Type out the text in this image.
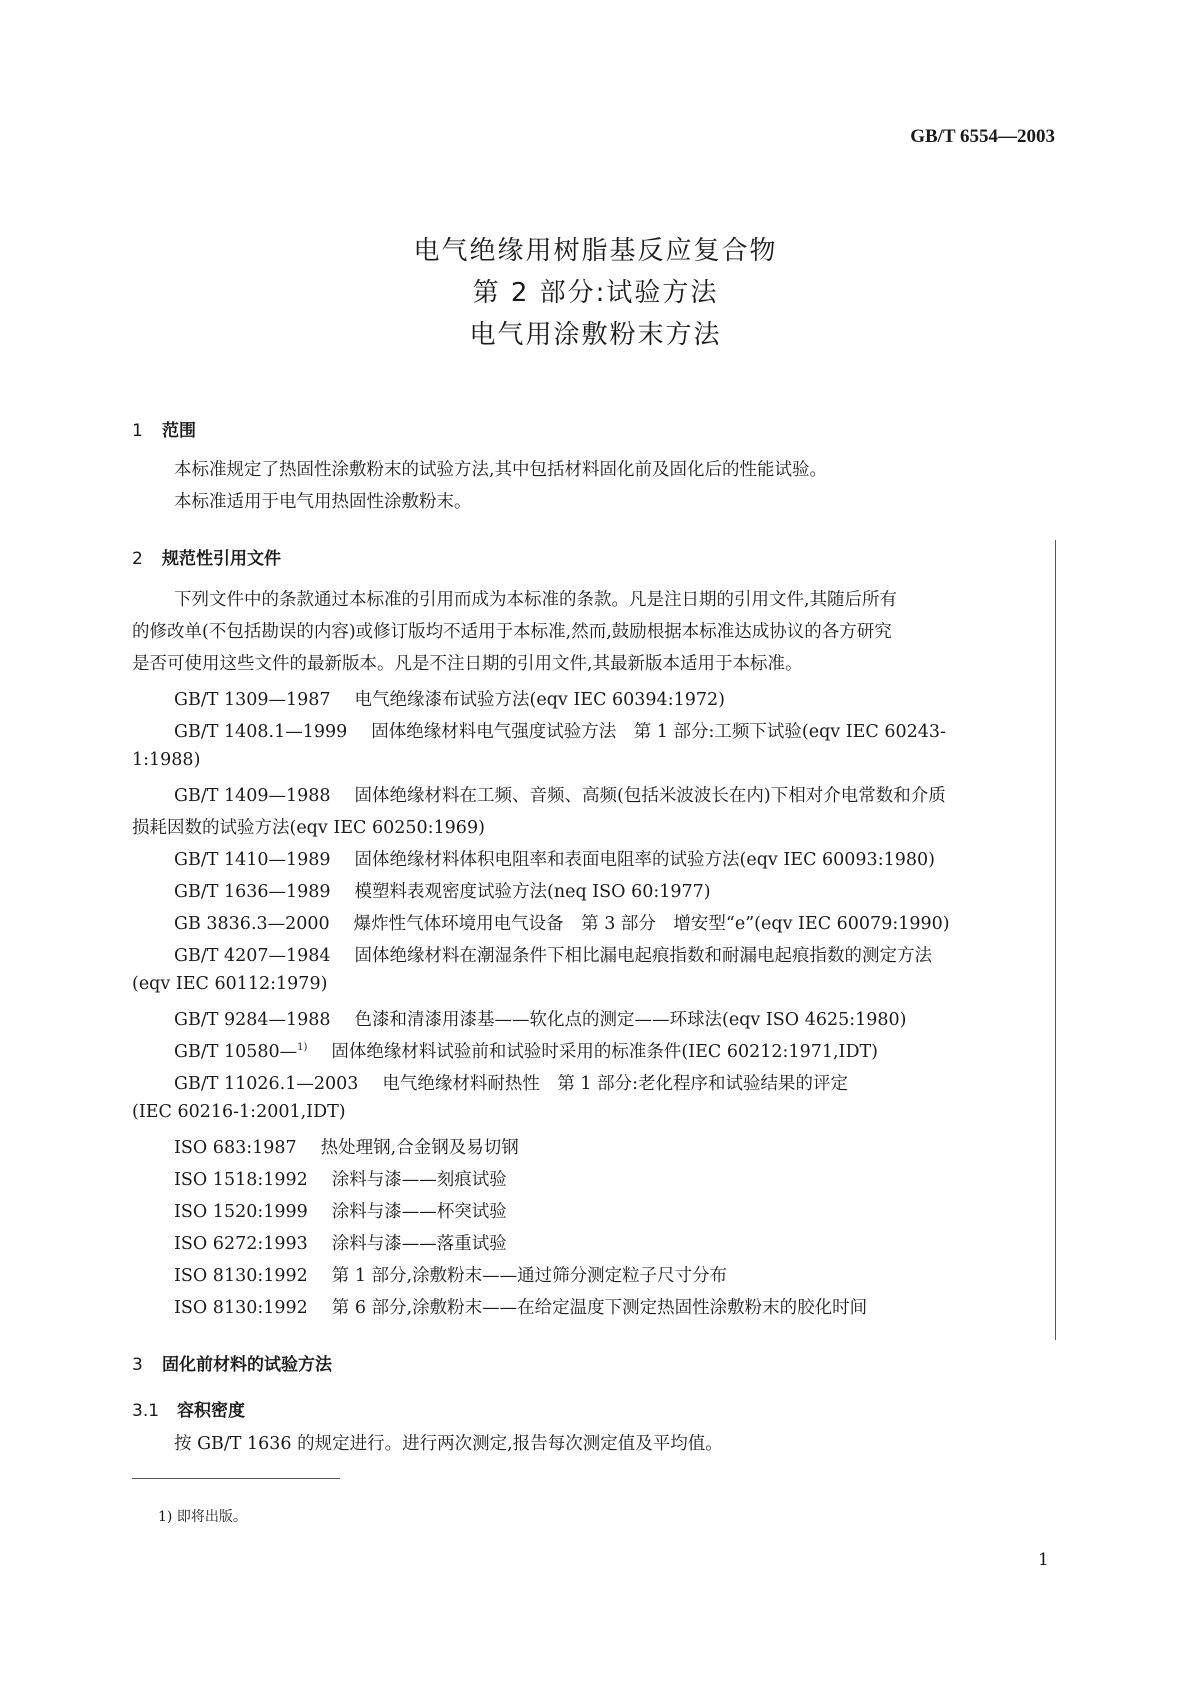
GB/T 6554—2003
电气绝缘用树脂基反应复合物
第 2 部分:试验方法
电气用涂敷粉末方法
1 范围
本标准规定了热固性涂敷粉末的试验方法,其中包括材料固化前及固化后的性能试验。
本标准适用于电气用热固性涂敷粉末。
2 规范性引用文件
下列文件中的条款通过本标准的引用而成为本标准的条款。凡是注日期的引用文件,其随后所有
的修改单(不包括勘误的内容)或修订版均不适用于本标准,然而,鼓励根据本标准达成协议的各方研究
是否可使用这些文件的最新版本。凡是不注日期的引用文件,其最新版本适用于本标准。
GB/T 1309—1987 电气绝缘漆布试验方法(eqv IEC 60394:1972)
GB/T 1408.1—1999 固体绝缘材料电气强度试验方法　第 1 部分:工频下试验(eqv IEC 60243-
1:1988)
GB/T 1409—1988 固体绝缘材料在工频、音频、高频(包括米波波长在内)下相对介电常数和介质
损耗因数的试验方法(eqv IEC 60250:1969)
GB/T 1410—1989 固体绝缘材料体积电阻率和表面电阻率的试验方法(eqv IEC 60093:1980)
GB/T 1636—1989 模塑料表观密度试验方法(neq ISO 60:1977)
GB 3836.3—2000 爆炸性气体环境用电气设备　第 3 部分　增安型“e”(eqv IEC 60079:1990)
GB/T 4207—1984 固体绝缘材料在潮湿条件下相比漏电起痕指数和耐漏电起痕指数的测定方法
(eqv IEC 60112:1979)
GB/T 9284—1988 色漆和清漆用漆基——软化点的测定——环球法(eqv ISO 4625:1980)
GB/T 10580—$^{1)}$ 固体绝缘材料试验前和试验时采用的标准条件(IEC 60212:1971,IDT)
GB/T 11026.1—2003 电气绝缘材料耐热性　第 1 部分:老化程序和试验结果的评定
(IEC 60216-1:2001,IDT)
ISO 683:1987 热处理钢,合金钢及易切钢
ISO 1518:1992 涂料与漆——刻痕试验
ISO 1520:1999 涂料与漆——杯突试验
ISO 6272:1993 涂料与漆——落重试验
ISO 8130:1992 第 1 部分,涂敷粉末——通过筛分测定粒子尺寸分布
ISO 8130:1992 第 6 部分,涂敷粉末——在给定温度下测定热固性涂敷粉末的胶化时间
3 固化前材料的试验方法
3.1 容积密度
按 GB/T 1636 的规定进行。进行两次测定,报告每次测定值及平均值。
1) 即将出版。
1
